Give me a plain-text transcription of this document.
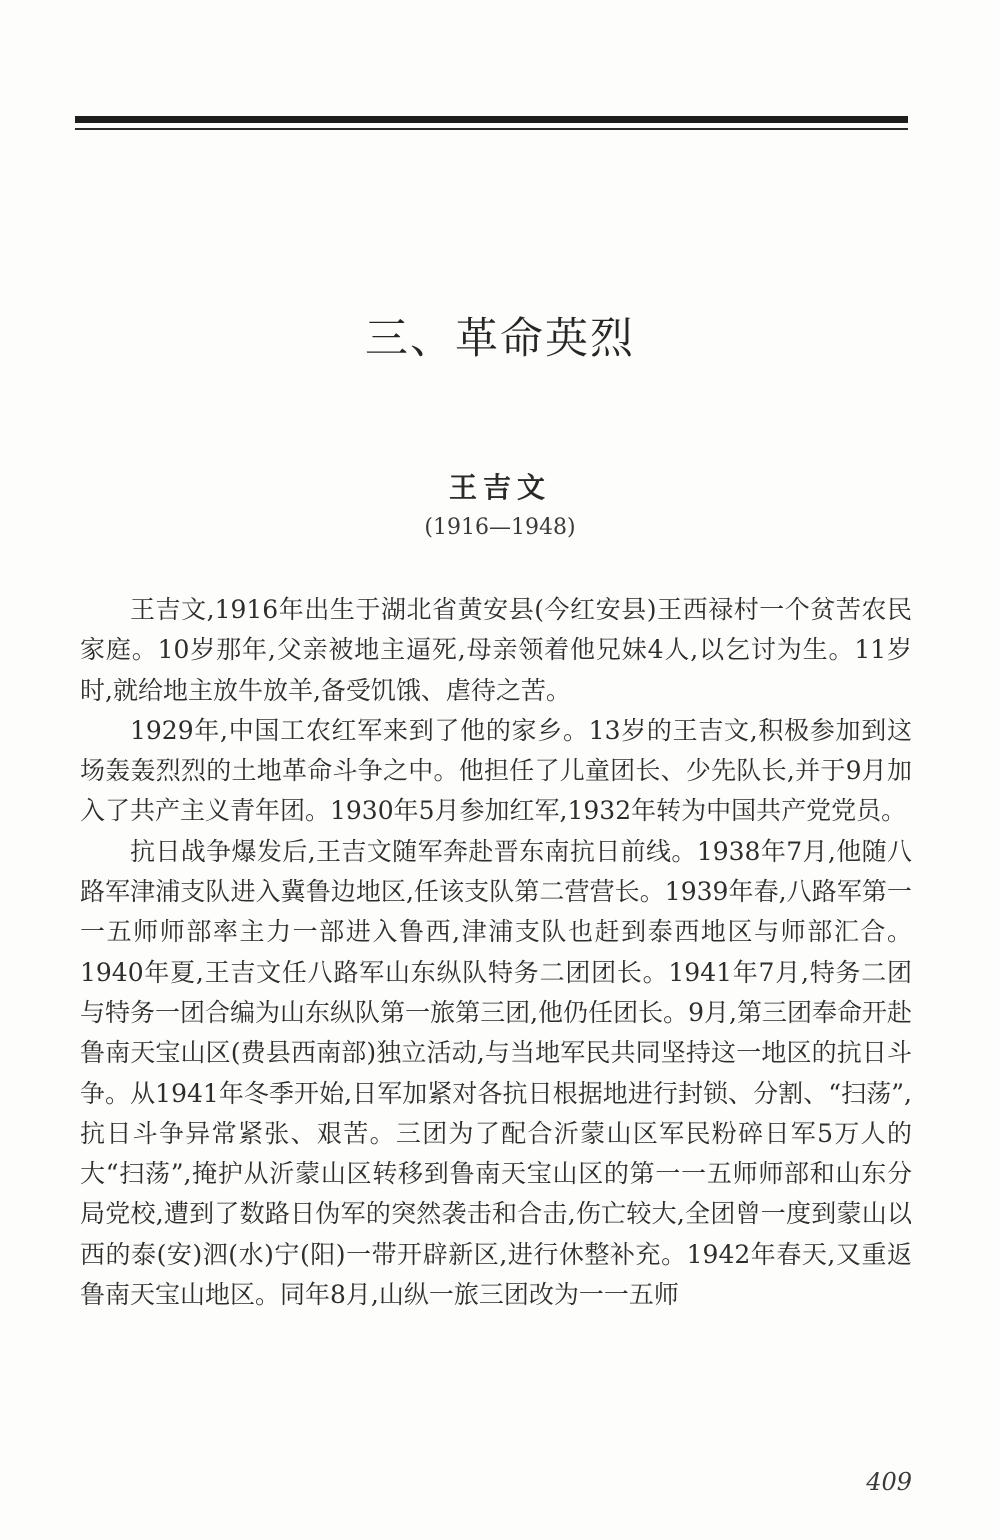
三、革命英烈
王吉文
(1916—1948)

王吉文,1916年出生于湖北省黄安县(今红安县)王西禄村一个贫苦农民家庭。10岁那年,父亲被地主逼死,母亲领着他兄妹4人,以乞讨为生。11岁时,就给地主放牛放羊,备受饥饿、虐待之苦。

1929年,中国工农红军来到了他的家乡。13岁的王吉文,积极参加到这场轰轰烈烈的土地革命斗争之中。他担任了儿童团长、少先队长,并于9月加入了共产主义青年团。1930年5月参加红军,1932年转为中国共产党党员。

抗日战争爆发后,王吉文随军奔赴晋东南抗日前线。1938年7月,他随八路军津浦支队进入冀鲁边地区,任该支队第二营营长。1939年春,八路军第一一五师师部率主力一部进入鲁西,津浦支队也赶到泰西地区与师部汇合。1940年夏,王吉文任八路军山东纵队特务二团团长。1941年7月,特务二团与特务一团合编为山东纵队第一旅第三团,他仍任团长。9月,第三团奉命开赴鲁南天宝山区(费县西南部)独立活动,与当地军民共同坚持这一地区的抗日斗争。从1941年冬季开始,日军加紧对各抗日根据地进行封锁、分割、“扫荡”,抗日斗争异常紧张、艰苦。三团为了配合沂蒙山区军民粉碎日军5万人的大“扫荡”,掩护从沂蒙山区转移到鲁南天宝山区的第一一五师师部和山东分局党校,遭到了数路日伪军的突然袭击和合击,伤亡较大,全团曾一度到蒙山以西的泰(安)泗(水)宁(阳)一带开辟新区,进行休整补充。1942年春天,又重返鲁南天宝山地区。同年8月,山纵一旅三团改为一一五师

409
